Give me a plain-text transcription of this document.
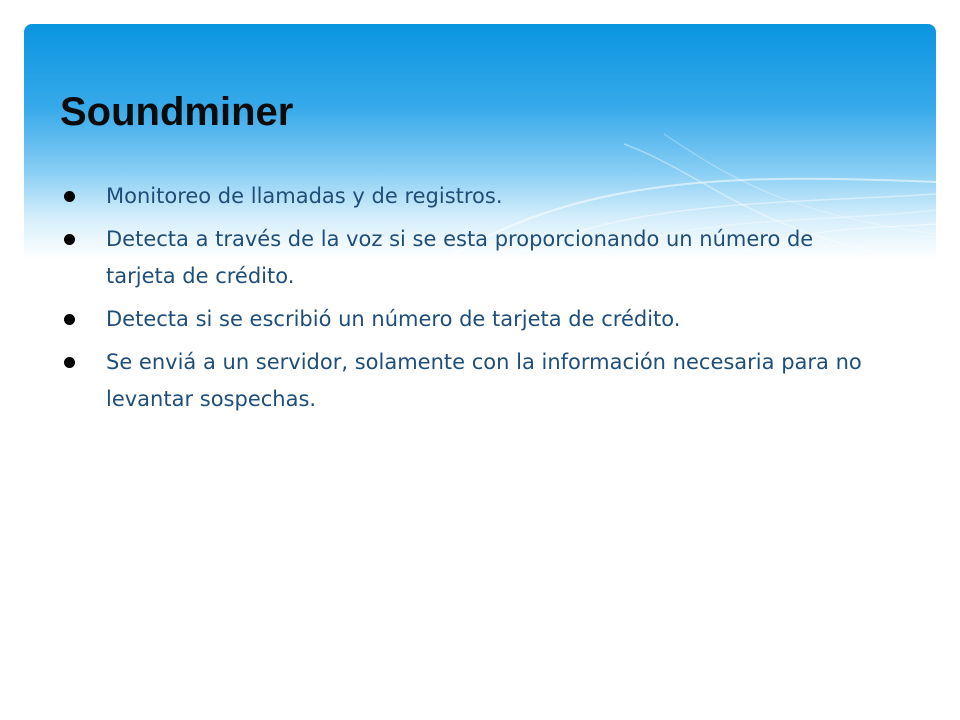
Soundminer
Monitoreo de llamadas y de registros.
Detecta a través de la voz si se esta proporcionando un número de tarjeta de crédito.
Detecta si se escribió un número de tarjeta de crédito.
Se enviá a un servidor, solamente con la información necesaria para no levantar sospechas.
